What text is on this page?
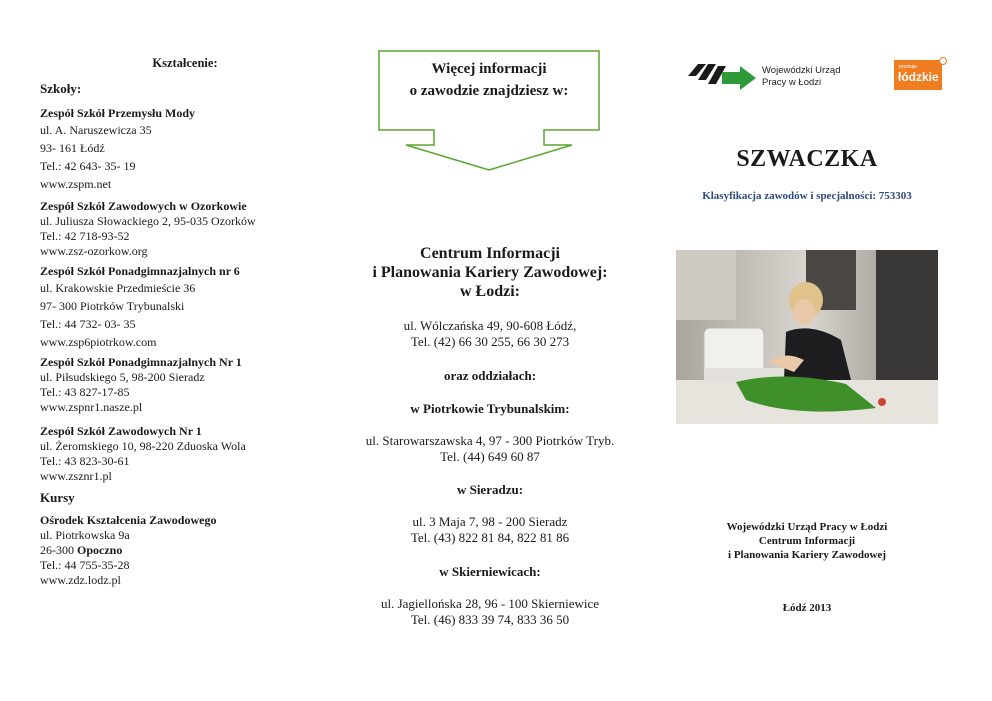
Kształcenie:
Szkoły:
Zespół Szkół Przemysłu Mody
ul. A. Naruszewicza 35
93- 161 Łódź
Tel.: 42 643- 35- 19
www.zspm.net
Zespół Szkół Zawodowych w Ozorkowie
ul. Juliusza Słowackiego 2, 95-035 Ozorków
Tel.: 42 718-93-52
www.zsz-ozorkow.org
Zespół Szkół Ponadgimnazjalnych nr 6
ul. Krakowskie Przedmieście 36
97- 300 Piotrków Trybunalski
Tel.: 44 732- 03- 35
www.zsp6piotrkow.com
Zespół Szkół Ponadgimnazjalnych Nr 1
ul. Piłsudskiego 5, 98-200 Sieradz
Tel.: 43 827-17-85
www.zspnr1.nasze.pl
Zespół Szkół Zawodowych Nr 1
ul. Żeromskiego 10, 98-220 Zduoska Wola
Tel.: 43 823-30-61
www.zsznr1.pl
Kursy
Ośrodek Kształcenia Zawodowego
ul. Piotrkowska 9a
26-300 Opoczno
Tel.: 44 755-35-28
www.zdz.lodz.pl
Więcej informacji
o zawodzie znajdziesz w:
Centrum Informacji
i Planowania Kariery Zawodowej:
w Łodzi:
ul. Wólczańska 49, 90-608 Łódź,
Tel. (42) 66 30 255, 66 30 273
oraz oddziałach:
w Piotrkowie Trybunalskim:
ul. Starowarszawska 4, 97 - 300 Piotrków Tryb.
Tel. (44) 649 60 87
w Sieradzu:
ul. 3 Maja 7, 98 - 200 Sieradz
Tel. (43) 822 81 84, 822 81 86
w Skierniewicach:
ul. Jagiellońska 28, 96 - 100 Skierniewice
Tel. (46) 833 39 74, 833 36 50
Wojewódzki Urząd
Pracy w Łodzi
promuje
łódzkie
SZWACZKA
Klasyfikacja zawodów i specjalności: 753303
Wojewódzki Urząd Pracy w Łodzi
Centrum Informacji
i Planowania Kariery Zawodowej
Łódź 2013
